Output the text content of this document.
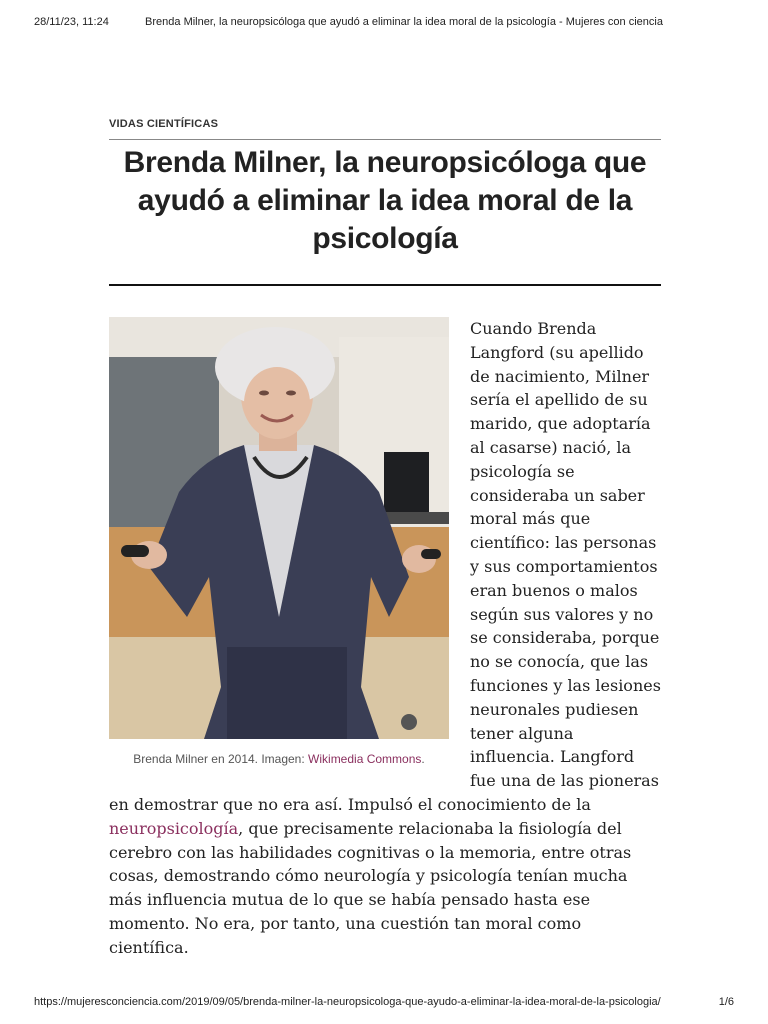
28/11/23, 11:24	Brenda Milner, la neuropsicóloga que ayudó a eliminar la idea moral de la psicología - Mujeres con ciencia
VIDAS CIENTÍFICAS
Brenda Milner, la neuropsicóloga que ayudó a eliminar la idea moral de la psicología
Brenda Milner en 2014. Imagen: Wikimedia Commons.

Cuando Brenda Langford (su apellido de nacimiento, Milner sería el apellido de su marido, que adoptaría al casarse) nació, la psicología se consideraba un saber moral más que científico: las personas y sus comportamientos eran buenos o malos según sus valores y no se consideraba, porque no se conocía, que las funciones y las lesiones neuronales pudiesen tener alguna influencia. Langford fue una de las pioneras en demostrar que no era así. Impulsó el conocimiento de la neuropsicología, que precisamente relacionaba la fisiología del cerebro con las habilidades cognitivas o la memoria, entre otras cosas, demostrando cómo neurología y psicología tenían mucha más influencia mutua de lo que se había pensado hasta ese momento. No era, por tanto, una cuestión tan moral como científica.

https://mujeresconciencia.com/2019/09/05/brenda-milner-la-neuropsicologa-que-ayudo-a-eliminar-la-idea-moral-de-la-psicologia/	1/6
